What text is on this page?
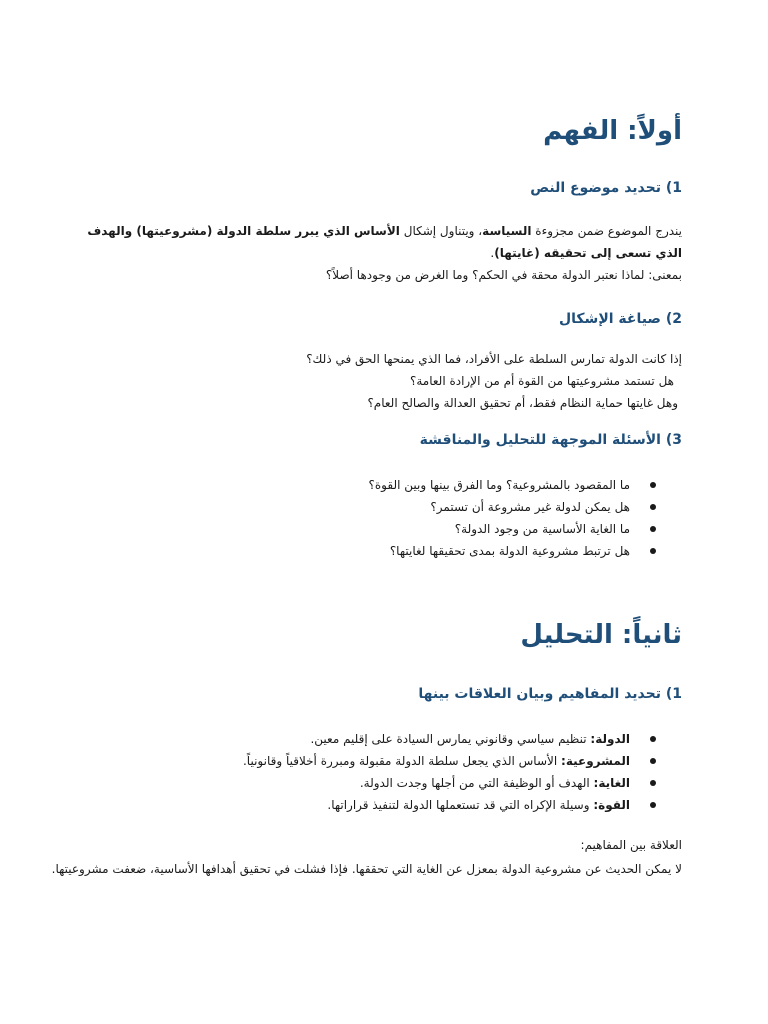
أولاً: الفهم
1) تحديد موضوع النص

يندرج الموضوع ضمن مجزوءة السياسة، ويتناول إشكال الأساس الذي يبرر سلطة الدولة (مشروعيتها) والهدف الذي تسعى إلى تحقيقه (غايتها).

بمعنى: لماذا نعتبر الدولة محقة في الحكم؟ وما الغرض من وجودها أصلاً؟

2) صياغة الإشكال
إذا كانت الدولة تمارس السلطة على الأفراد، فما الذي يمنحها الحق في ذلك؟
هل تستمد مشروعيتها من القوة أم من الإرادة العامة؟
وهل غايتها حماية النظام فقط، أم تحقيق العدالة والصالح العام؟
3) الأسئلة الموجهة للتحليل والمناقشة
ما المقصود بالمشروعية؟ وما الفرق بينها وبين القوة؟
هل يمكن لدولة غير مشروعة أن تستمر؟
ما الغاية الأساسية من وجود الدولة؟
هل ترتبط مشروعية الدولة بمدى تحقيقها لغايتها؟
ثانياً: التحليل
1) تحديد المفاهيم وبيان العلاقات بينها
الدولة: تنظيم سياسي وقانوني يمارس السيادة على إقليم معين.
المشروعية: الأساس الذي يجعل سلطة الدولة مقبولة ومبررة أخلاقياً وقانونياً.
الغاية: الهدف أو الوظيفة التي من أجلها وجدت الدولة.
القوة: وسيلة الإكراه التي قد تستعملها الدولة لتنفيذ قراراتها.
العلاقة بين المفاهيم:
لا يمكن الحديث عن مشروعية الدولة بمعزل عن الغاية التي تحققها. فإذا فشلت في تحقيق أهدافها الأساسية، ضعفت مشروعيتها.
